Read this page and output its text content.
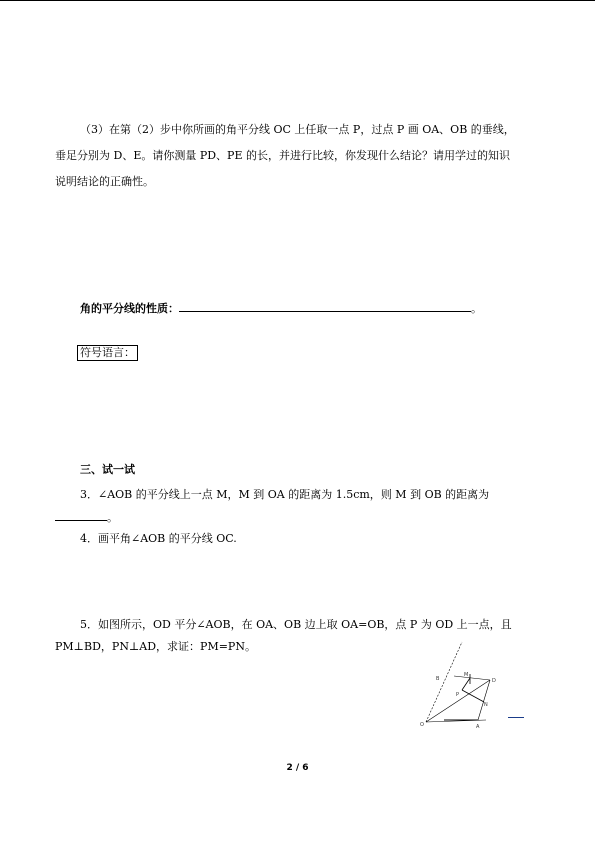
（3）在第（2）步中你所画的角平分线 OC 上任取一点 P，过点 P 画 OA、OB 的垂线，
垂足分别为 D、E。请你测量 PD、PE 的长，并进行比较，你发现什么结论？请用学过的知识
说明结论的正确性。
角的平分线的性质：	。
符号语言：
三、试一试
3．∠AOB 的平分线上一点 M，M 到 OA 的距离为 1.5cm，则 M 到 OB 的距离为
。
4．画平角∠AOB 的平分线 OC.
5．如图所示，OD 平分∠AOB，在 OA、OB 边上取 OA=OB，点 P 为 OD 上一点，且
PM⊥BD，PN⊥AD，求证：PM=PN。
B
M
D
P
N
O	A
2 / 6
